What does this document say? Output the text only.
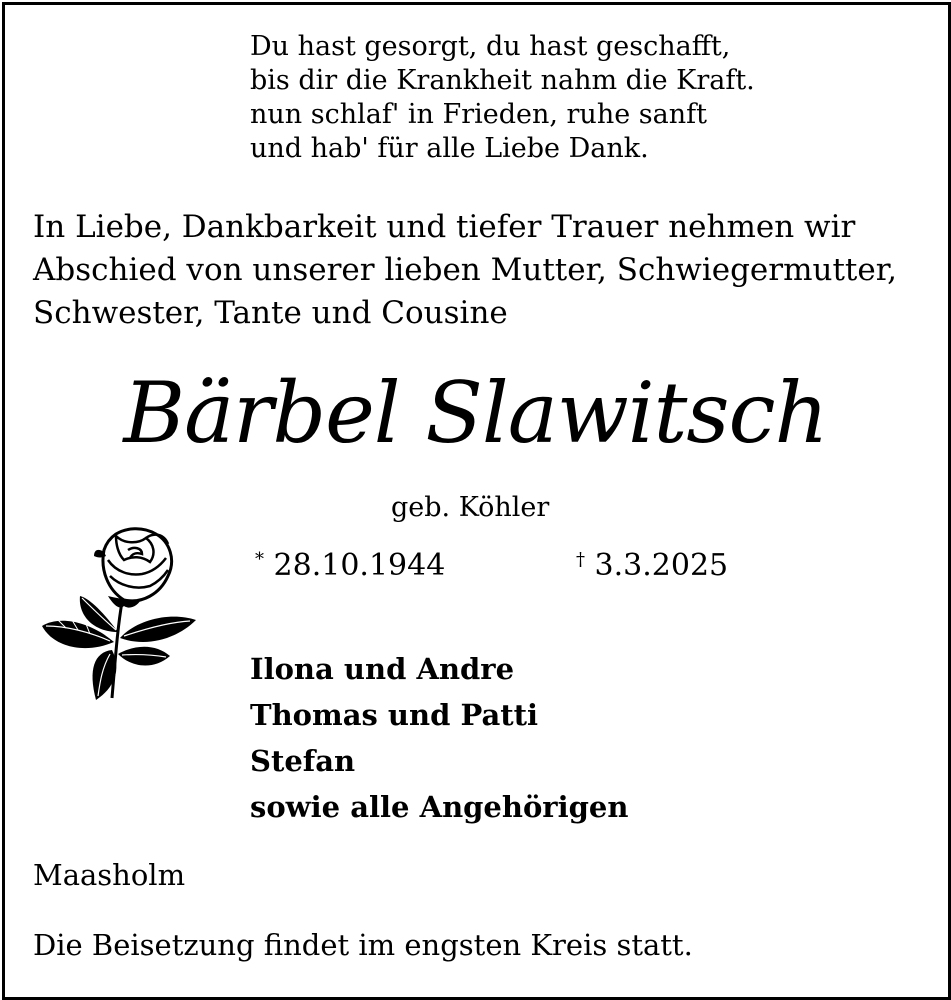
Du hast gesorgt, du hast geschafft,
bis dir die Krankheit nahm die Kraft.
nun schlaf' in Frieden, ruhe sanft
und hab' für alle Liebe Dank.
In Liebe, Dankbarkeit und tiefer Trauer nehmen wir
Abschied von unserer lieben Mutter, Schwiegermutter,
Schwester, Tante und Cousine
Bärbel Slawitsch
geb. Köhler
* 28.10.1944	† 3.3.2025
Ilona und Andre
Thomas und Patti
Stefan
sowie alle Angehörigen
Maasholm
Die Beisetzung findet im engsten Kreis statt.
